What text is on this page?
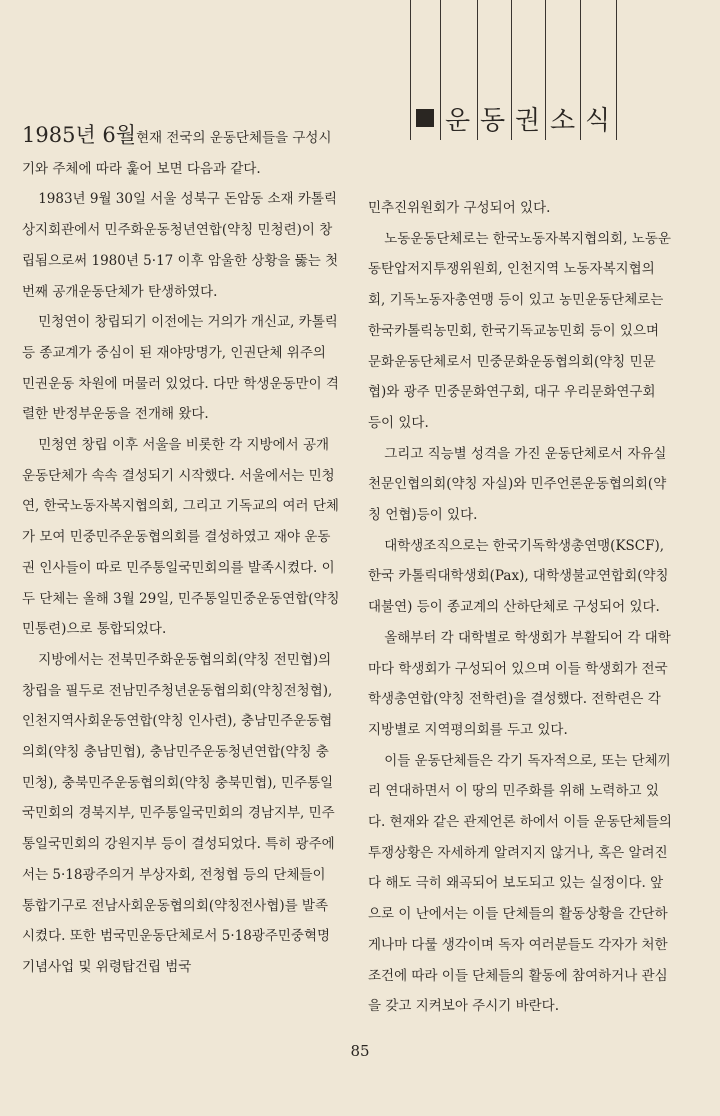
운 동 권 소 식

1985년 6월현재 전국의 운동단체들을 구성시기와 주체에 따라 훑어 보면 다음과 같다.

1983년 9월 30일 서울 성북구 돈암동 소재 카톨릭 상지회관에서 민주화운동청년연합(약칭 민청련)이 창립됨으로써 1980년 5·17 이후 암울한 상황을 뚫는 첫번째 공개운동단체가 탄생하였다.

민청연이 창립되기 이전에는 거의가 개신교, 카톨릭 등 종교계가 중심이 된 재야망명가, 인권단체 위주의 민권운동 차원에 머물러 있었다. 다만 학생운동만이 격렬한 반정부운동을 전개해 왔다.

민청연 창립 이후 서울을 비롯한 각 지방에서 공개운동단체가 속속 결성되기 시작했다. 서울에서는 민청연, 한국노동자복지협의회, 그리고 기독교의 여러 단체가 모여 민중민주운동협의회를 결성하였고 재야 운동권 인사들이 따로 민주통일국민회의를 발족시켰다. 이 두 단체는 올해 3월 29일, 민주통일민중운동연합(약칭 민통련)으로 통합되었다.

지방에서는 전북민주화운동협의회(약칭 전민협)의 창립을 필두로 전남민주청년운동협의회(약칭전청협),인천지역사회운동연합(약칭 인사련), 충남민주운동협의회(약칭 충남민협), 충남민주운동청년연합(약칭 충민청), 충북민주운동협의회(약칭 충북민협), 민주통일국민회의 경북지부, 민주통일국민회의 경남지부, 민주통일국민회의 강원지부 등이 결성되었다. 특히 광주에서는 5·18광주의거 부상자회, 전청협 등의 단체들이 통합기구로 전남사회운동협의회(약칭전사협)를 발족시켰다. 또한 범국민운동단체로서 5·18광주민중혁명기념사업 및 위령탑건립 범국

민추진위원회가 구성되어 있다.

노동운동단체로는 한국노동자복지협의회, 노동운동탄압저지투쟁위원회, 인천지역 노동자복지협의회, 기독노동자총연맹 등이 있고 농민운동단체로는 한국카톨릭농민회, 한국기독교농민회 등이 있으며 문화운동단체로서 민중문화운동협의회(약칭 민문협)와 광주 민중문화연구회, 대구 우리문화연구회 등이 있다.

그리고 직능별 성격을 가진 운동단체로서 자유실천문인협의회(약칭 자실)와 민주언론운동협의회(약칭 언협)등이 있다.

대학생조직으로는 한국기독학생총연맹(KSCF), 한국 카톨릭대학생회(Pax), 대학생불교연합회(약칭 대불연) 등이 종교계의 산하단체로 구성되어 있다.

올해부터 각 대학별로 학생회가 부활되어 각 대학마다 학생회가 구성되어 있으며 이들 학생회가 전국학생총연합(약칭 전학련)을 결성했다. 전학련은 각 지방별로 지역평의회를 두고 있다.

이들 운동단체들은 각기 독자적으로, 또는 단체끼리 연대하면서 이 땅의 민주화를 위해 노력하고 있다. 현재와 같은 관제언론 하에서 이들 운동단체들의 투쟁상황은 자세하게 알려지지 않거나, 혹은 알려진다 해도 극히 왜곡되어 보도되고 있는 실정이다. 앞으로 이 난에서는 이들 단체들의 활동상황을 간단하게나마 다룰 생각이며 독자 여러분들도 각자가 처한 조건에 따라 이들 단체들의 활동에 참여하거나 관심을 갖고 지켜보아 주시기 바란다.

85
